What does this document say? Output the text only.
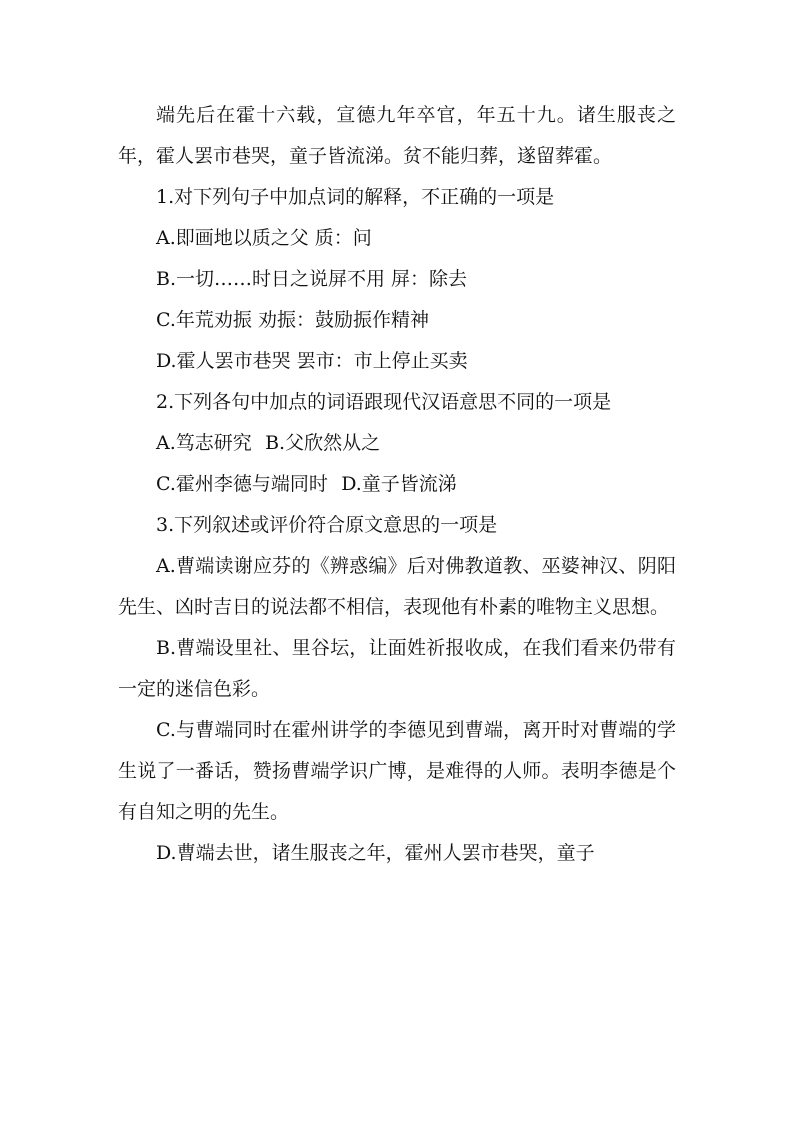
端先后在霍十六载，宣德九年卒官，年五十九。诸生服丧之年，霍人罢市巷哭，童子皆流涕。贫不能归葬，遂留葬霍。

1.对下列句子中加点词的解释，不正确的一项是

A.即画地以质之父 质：问

B.一切……时日之说屏不用 屏：除去

C.年荒劝振 劝振：鼓励振作精神

D.霍人罢市巷哭 罢市：市上停止买卖

2.下列各句中加点的词语跟现代汉语意思不同的一项是

A.笃志研究 B.父欣然从之

C.霍州李德与端同时 D.童子皆流涕

3.下列叙述或评价符合原文意思的一项是

A.曹端读谢应芬的《辨惑编》后对佛教道教、巫婆神汉、阴阳先生、凶时吉日的说法都不相信，表现他有朴素的唯物主义思想。

B.曹端设里社、里谷坛，让面姓祈报收成，在我们看来仍带有一定的迷信色彩。

C.与曹端同时在霍州讲学的李德见到曹端，离开时对曹端的学生说了一番话，赞扬曹端学识广博，是难得的人师。表明李德是个有自知之明的先生。

D.曹端去世，诸生服丧之年，霍州人罢市巷哭，童子
